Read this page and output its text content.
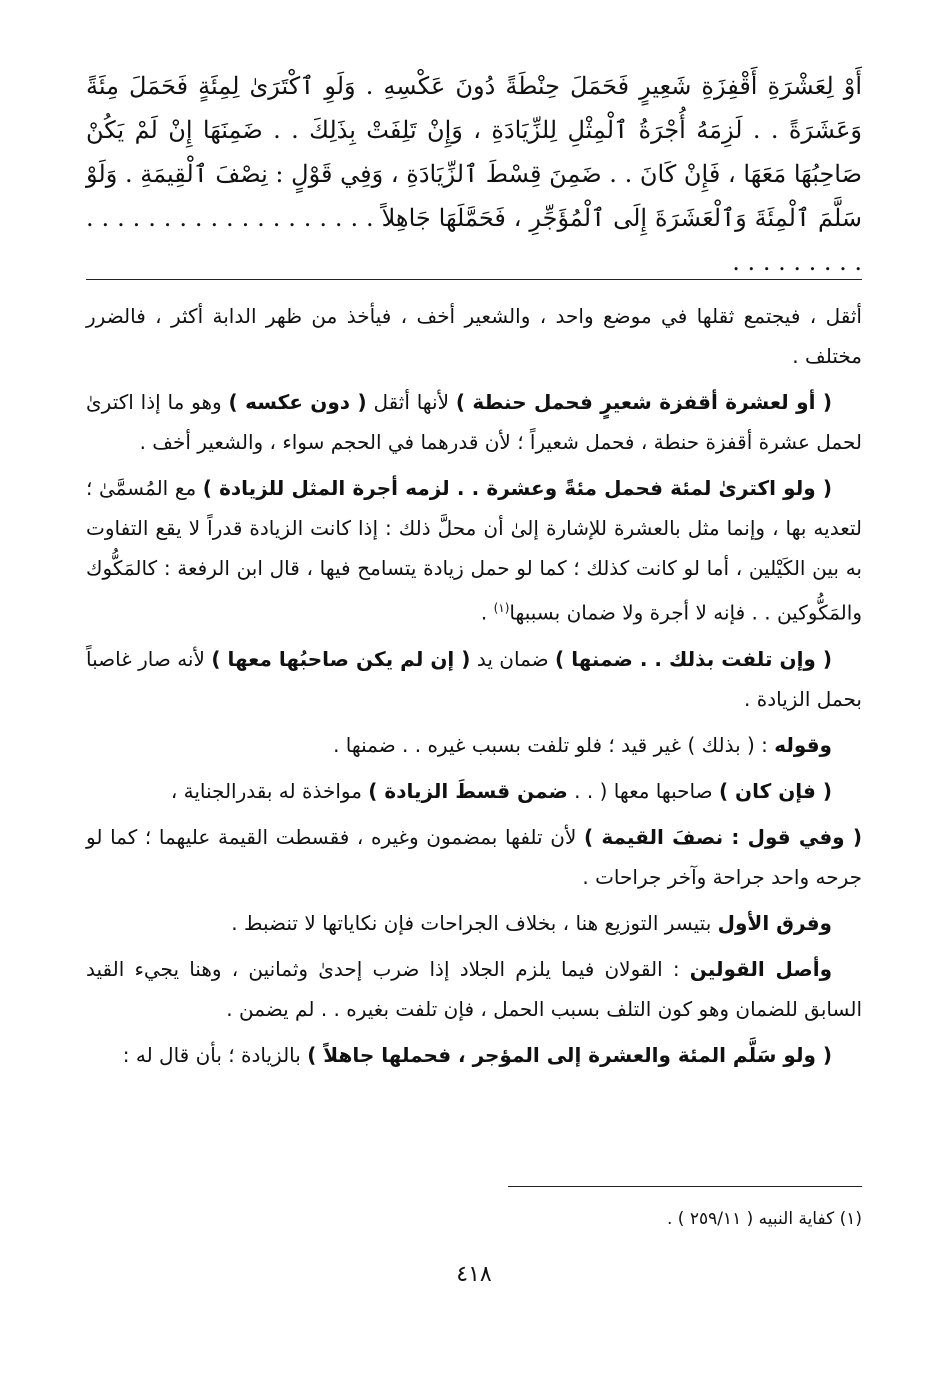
أَوْ لِعَشْرَةِ أَقْفِزَةِ شَعِيرٍ فَحَمَلَ حِنْطَةً دُونَ عَكْسِهِ . وَلَوِ ٱكْتَرَىٰ لِمِئَةٍ فَحَمَلَ مِئَةً وَعَشَرَةً . . لَزِمَهُ أُجْرَةُ ٱلْمِثْلِ لِلزِّيَادَةِ ، وَإِنْ تَلِفَتْ بِذَلِكَ . . ضَمِنَهَا إِنْ لَمْ يَكُنْ صَاحِبُهَا مَعَهَا ، فَإِنْ كَانَ . . ضَمِنَ قِسْطَ ٱلزِّيَادَةِ ، وَفِي قَوْلٍ : نِصْفَ ٱلْقِيمَةِ . وَلَوْ سَلَّمَ ٱلْمِئَةَ وَٱلْعَشَرَةَ إِلَى ٱلْمُؤَجِّرِ ، فَحَمَّلَهَا جَاهِلاً . . . . . . . . . . . . . . . . . . . . . . . . . . . .

أثقل ، فيجتمع ثقلها في موضع واحد ، والشعير أخف ، فيأخذ من ظهر الدابة أكثر ، فالضرر مختلف .

( أو لعشرة أقفزة شعيرٍ فحمل حنطة ) لأنها أثقل ( دون عكسه ) وهو ما إذا اكترىٰ لحمل عشرة أقفزة حنطة ، فحمل شعيراً ؛ لأن قدرهما في الحجم سواء ، والشعير أخف .

( ولو اكترىٰ لمئة فحمل مئةً وعشرة . . لزمه أجرة المثل للزيادة ) مع المُسمَّىٰ ؛ لتعديه بها ، وإنما مثل بالعشرة للإشارة إلىٰ أن محلَّ ذلك : إذا كانت الزيادة قدراً لا يقع التفاوت به بين الكَيْلين ، أما لو كانت كذلك ؛ كما لو حمل زيادة يتسامح فيها ، قال ابن الرفعة : كالمَكُّوك والمَكُّوكين . . فإنه لا أجرة ولا ضمان بسببها$^{(١)}$ .

( وإن تلفت بذلك . . ضمنها ) ضمان يد ( إن لم يكن صاحبُها معها ) لأنه صار غاصباً بحمل الزيادة .

وقوله : ( بذلك ) غير قيد ؛ فلو تلفت بسبب غيره . . ضمنها .

( فإن كان ) صاحبها معها ( . . ضمن قسطَ الزيادة ) مواخذة له بقدرالجناية ،

( وفي قول : نصفَ القيمة ) لأن تلفها بمضمون وغيره ، فقسطت القيمة عليهما ؛ كما لو جرحه واحد جراحة وآخر جراحات .

وفرق الأول بتيسر التوزيع هنا ، بخلاف الجراحات فإن نكاياتها لا تنضبط .

وأصل القولين : القولان فيما يلزم الجلاد إذا ضرب إحدىٰ وثمانين ، وهنا يجيء القيد السابق للضمان وهو كون التلف بسبب الحمل ، فإن تلفت بغيره . . لم يضمن .

( ولو سَلَّم المئة والعشرة إلى المؤجر ، فحملها جاهلاً ) بالزيادة ؛ بأن قال له :

(١) كفاية النبيه ( ٢٥٩/١١ ) .
٤١٨
